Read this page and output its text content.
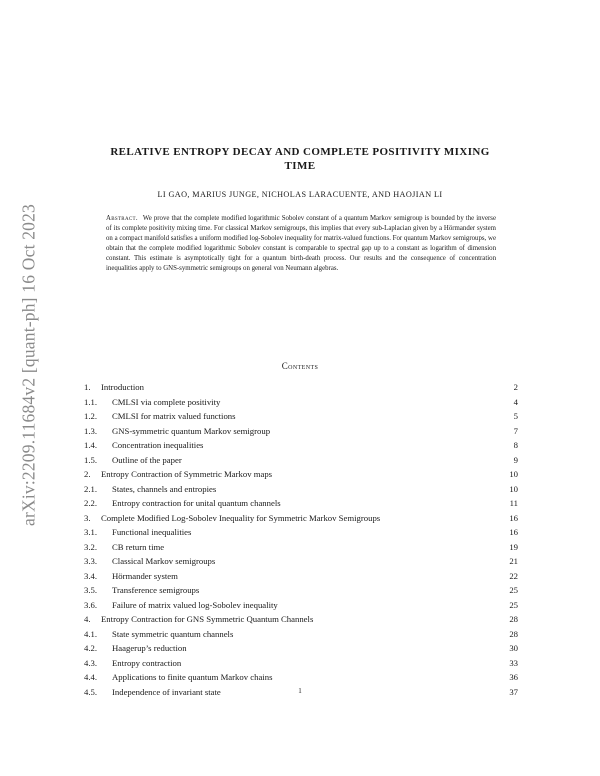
arXiv:2209.11684v2 [quant-ph] 16 Oct 2023
RELATIVE ENTROPY DECAY AND COMPLETE POSITIVITY MIXING
TIME
LI GAO, MARIUS JUNGE, NICHOLAS LARACUENTE, AND HAOJIAN LI

Abstract. We prove that the complete modified logarithmic Sobolev constant of a quantum Markov semigroup is bounded by the inverse of its complete positivity mixing time. For classical Markov semigroups, this implies that every sub-Laplacian given by a Hörmander system on a compact manifold satisfies a uniform modified log-Sobolev inequality for matrix-valued functions. For quantum Markov semigroups, we obtain that the complete modified logarithmic Sobolev constant is comparable to spectral gap up to a constant as logarithm of dimension constant. This estimate is asymptotically tight for a quantum birth-death process. Our results and the consequence of concentration inequalities apply to GNS-symmetric semigroups on general von Neumann algebras.

Contents
1.	Introduction	2
1.1.	CMLSI via complete positivity	4
1.2.	CMLSI for matrix valued functions	5
1.3.	GNS-symmetric quantum Markov semigroup	7
1.4.	Concentration inequalities	8
1.5.	Outline of the paper	9
2.	Entropy Contraction of Symmetric Markov maps	10
2.1.	States, channels and entropies	10
2.2.	Entropy contraction for unital quantum channels	11
3.	Complete Modified Log-Sobolev Inequality for Symmetric Markov Semigroups	16
3.1.	Functional inequalities	16
3.2.	CB return time	19
3.3.	Classical Markov semigroups	21
3.4.	Hörmander system	22
3.5.	Transference semigroups	25
3.6.	Failure of matrix valued log-Sobolev inequality	25
4.	Entropy Contraction for GNS Symmetric Quantum Channels	28
4.1.	State symmetric quantum channels	28
4.2.	Haagerup’s reduction	30
4.3.	Entropy contraction	33
4.4.	Applications to finite quantum Markov chains	36
4.5.	Independence of invariant state	37
1
